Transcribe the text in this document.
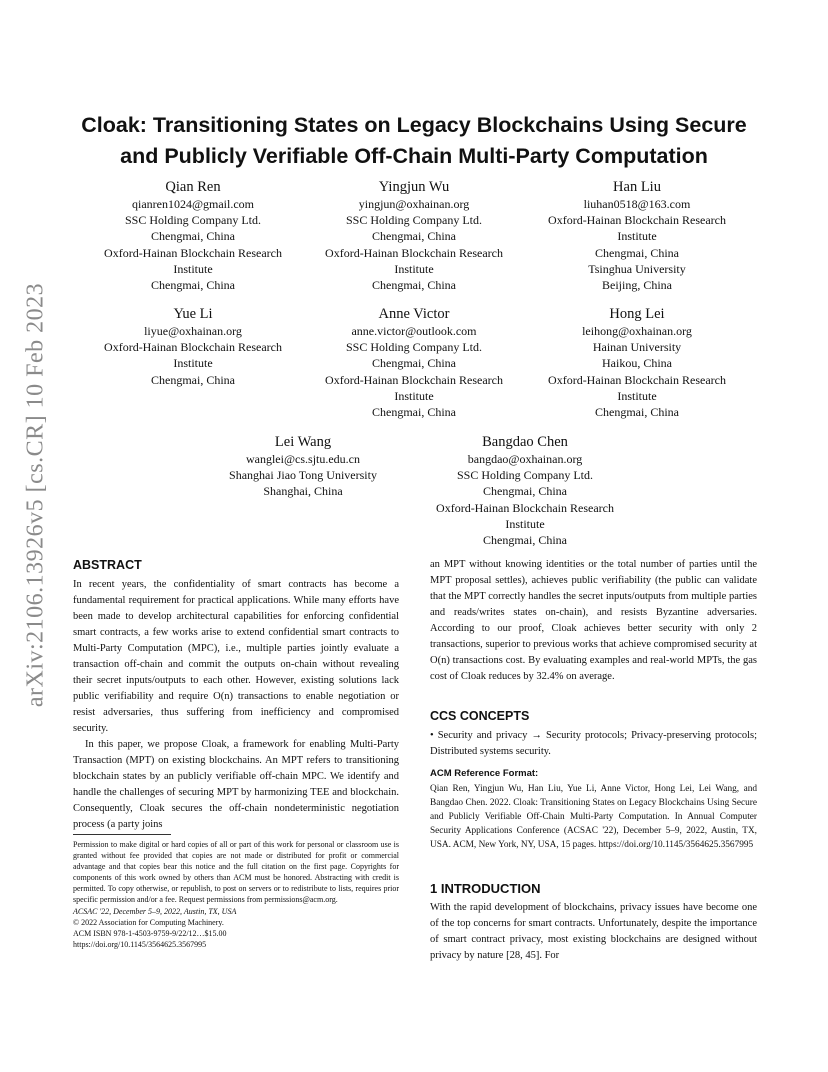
arXiv:2106.13926v5 [cs.CR] 10 Feb 2023
Cloak: Transitioning States on Legacy Blockchains Using Secure
and Publicly Verifiable Off-Chain Multi-Party Computation
Qian Ren
qianren1024@gmail.com
SSC Holding Company Ltd.
Chengmai, China
Oxford-Hainan Blockchain Research
Institute
Chengmai, China
Yingjun Wu
yingjun@oxhainan.org
SSC Holding Company Ltd.
Chengmai, China
Oxford-Hainan Blockchain Research
Institute
Chengmai, China
Han Liu
liuhan0518@163.com
Oxford-Hainan Blockchain Research
Institute
Chengmai, China
Tsinghua University
Beijing, China
Yue Li
liyue@oxhainan.org
Oxford-Hainan Blockchain Research
Institute
Chengmai, China
Anne Victor
anne.victor@outlook.com
SSC Holding Company Ltd.
Chengmai, China
Oxford-Hainan Blockchain Research
Institute
Chengmai, China
Hong Lei
leihong@oxhainan.org
Hainan University
Haikou, China
Oxford-Hainan Blockchain Research
Institute
Chengmai, China
Lei Wang
wanglei@cs.sjtu.edu.cn
Shanghai Jiao Tong University
Shanghai, China
Bangdao Chen
bangdao@oxhainan.org
SSC Holding Company Ltd.
Chengmai, China
Oxford-Hainan Blockchain Research
Institute
Chengmai, China
ABSTRACT

In recent years, the confidentiality of smart contracts has become a fundamental requirement for practical applications. While many efforts have been made to develop architectural capabilities for enforcing confidential smart contracts, a few works arise to extend confidential smart contracts to Multi-Party Computation (MPC), i.e., multiple parties jointly evaluate a transaction off-chain and commit the outputs on-chain without revealing their secret inputs/outputs to each other. However, existing solutions lack public verifiability and require O(n) transactions to enable negotiation or resist adversaries, thus suffering from inefficiency and compromised security.

In this paper, we propose Cloak, a framework for enabling Multi-Party Transaction (MPT) on existing blockchains. An MPT refers to transitioning blockchain states by an publicly verifiable off-chain MPC. We identify and handle the challenges of securing MPT by harmonizing TEE and blockchain. Consequently, Cloak secures the off-chain nondeterministic negotiation process (a party joins

Permission to make digital or hard copies of all or part of this work for personal or classroom use is granted without fee provided that copies are not made or distributed for profit or commercial advantage and that copies bear this notice and the full citation on the first page. Copyrights for components of this work owned by others than ACM must be honored. Abstracting with credit is permitted. To copy otherwise, or republish, to post on servers or to redistribute to lists, requires prior specific permission and/or a fee. Request permissions from permissions@acm.org.

ACSAC '22, December 5–9, 2022, Austin, TX, USA

© 2022 Association for Computing Machinery.

ACM ISBN 978-1-4503-9759-9/22/12…$15.00

https://doi.org/10.1145/3564625.3567995

an MPT without knowing identities or the total number of parties until the MPT proposal settles), achieves public verifiability (the public can validate that the MPT correctly handles the secret inputs/outputs from multiple parties and reads/writes states on-chain), and resists Byzantine adversaries. According to our proof, Cloak achieves better security with only 2 transactions, superior to previous works that achieve compromised security at O(n) transactions cost. By evaluating examples and real-world MPTs, the gas cost of Cloak reduces by 32.4% on average.

CCS CONCEPTS

• Security and privacy → Security protocols; Privacy-preserving protocols; Distributed systems security.

ACM Reference Format:

Qian Ren, Yingjun Wu, Han Liu, Yue Li, Anne Victor, Hong Lei, Lei Wang, and Bangdao Chen. 2022. Cloak: Transitioning States on Legacy Blockchains Using Secure and Publicly Verifiable Off-Chain Multi-Party Computation. In Annual Computer Security Applications Conference (ACSAC '22), December 5–9, 2022, Austin, TX, USA. ACM, New York, NY, USA, 15 pages. https://doi.org/10.1145/3564625.3567995

1 INTRODUCTION

With the rapid development of blockchains, privacy issues have become one of the top concerns for smart contracts. Unfortunately, despite the importance of smart contract privacy, most existing blockchains are designed without privacy by nature [28, 45]. For
